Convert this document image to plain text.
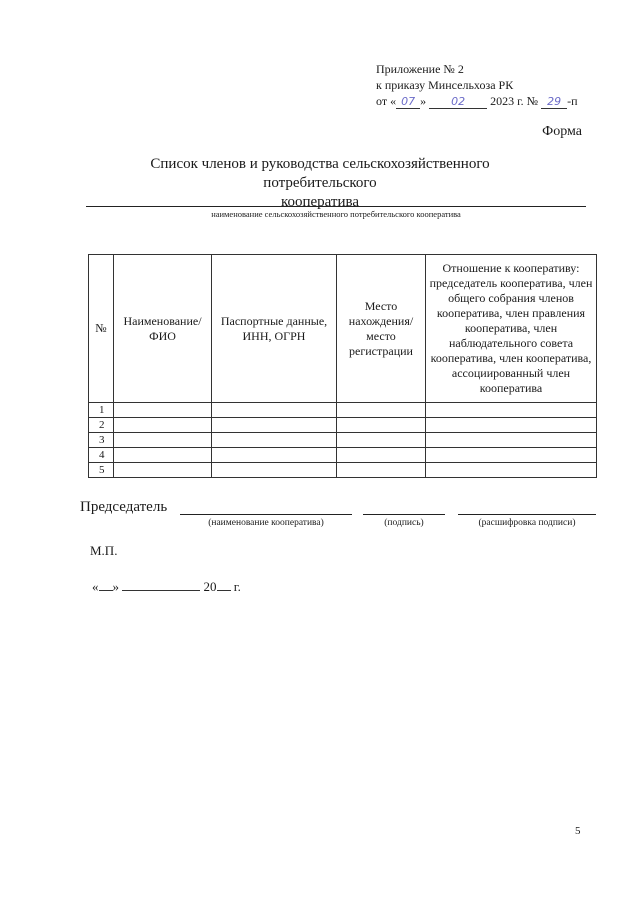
Приложение № 2
к приказу Минсельхоза РК
от « 07 » 02 2023 г. № 29 -п
Форма
Список членов и руководства сельскохозяйственного потребительского
кооператива
наименование сельскохозяйственного потребительского кооператива
№	Наименование/ ФИО	Паспортные данные, ИНН, ОГРН	Место нахождения/ место регистрации	Отношение к кооперативу: председатель кооператива, член общего собрания членов кооператива, член правления кооператива, член наблюдательного совета кооператива, член кооператива, ассоциированный член кооператива
1				
2				
3				
4				
5				
Председатель
(наименование кооператива)	(подпись)	(расшифровка подписи)
М.П.
« »	20 г.
5
